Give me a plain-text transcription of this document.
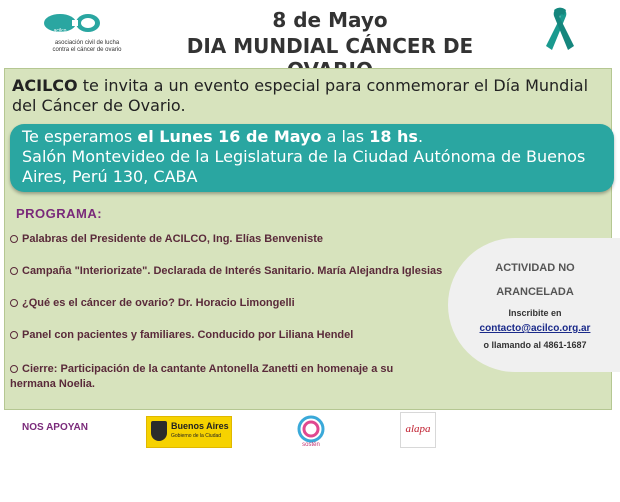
acilco
asociación civil de lucha
contra el cáncer de ovario
8 de Mayo
DIA MUNDIAL CÁNCER DE
ACILCO te invita a un evento especial para conmemorar el Día Mundial del Cáncer de Ovario.
Te esperamos el Lunes 16 de Mayo a las 18 hs.
Salón Montevideo de la Legislatura de la Ciudad Autónoma de Buenos Aires, Perú 130, CABA
PROGRAMA:
Palabras del Presidente de ACILCO, Ing. Elías Benveniste
Campaña "Interiorizate". Declarada de Interés Sanitario. María Alejandra Iglesias
¿Qué es el cáncer de ovario? Dr. Horacio Limongelli
Panel con pacientes y familiares. Conducido por Liliana Hendel
Cierre: Participación de la cantante Antonella Zanetti en homenaje a su hermana Noelia.
ACTIVIDAD NO
ARANCELADA
Inscribite en
contacto@acilco.org.ar
o llamando al 4861-1687
NOS APOYAN	Buenos Aires
Gobierno de la Ciudad
sostén
alapa
